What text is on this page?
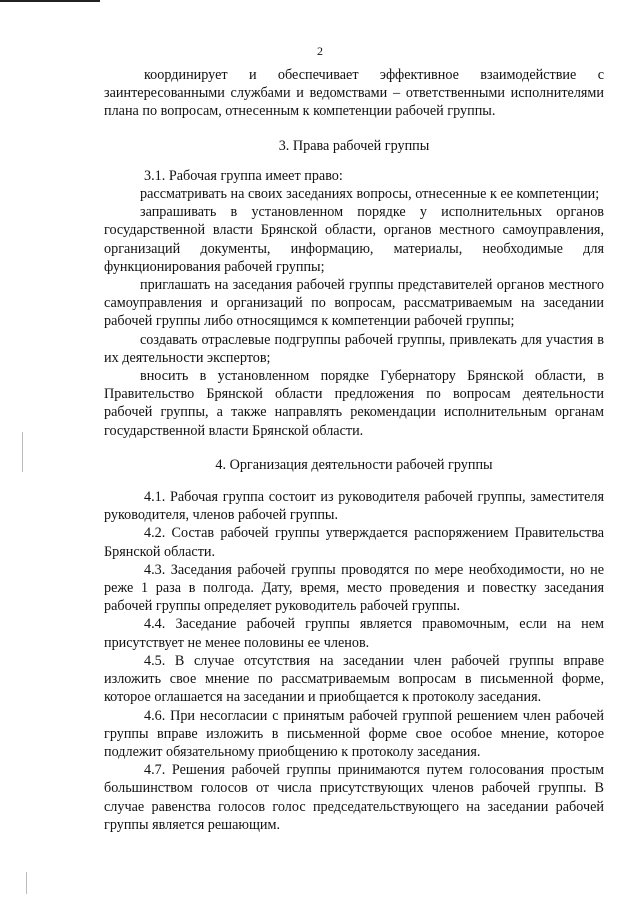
2

координирует и обеспечивает эффективное взаимодействие с заинтересованными службами и ведомствами – ответственными исполнителями плана по вопросам, отнесенным к компетенции рабочей группы.

3. Права рабочей группы

3.1. Рабочая группа имеет право:

рассматривать на своих заседаниях вопросы, отнесенные к ее компетенции;

запрашивать в установленном порядке у исполнительных органов государственной власти Брянской области, органов местного самоуправления, организаций документы, информацию, материалы, необходимые для функционирования рабочей группы;

приглашать на заседания рабочей группы представителей органов местного самоуправления и организаций по вопросам, рассматриваемым на заседании рабочей группы либо относящимся к компетенции рабочей группы;

создавать отраслевые подгруппы рабочей группы, привлекать для участия в их деятельности экспертов;

вносить в установленном порядке Губернатору Брянской области, в Правительство Брянской области предложения по вопросам деятельности рабочей группы, а также направлять рекомендации исполнительным органам государственной власти Брянской области.

4. Организация деятельности рабочей группы

4.1. Рабочая группа состоит из руководителя рабочей группы, заместителя руководителя, членов рабочей группы.

4.2. Состав рабочей группы утверждается распоряжением Правительства Брянской области.

4.3. Заседания рабочей группы проводятся по мере необходимости, но не реже 1 раза в полгода. Дату, время, место проведения и повестку заседания рабочей группы определяет руководитель рабочей группы.

4.4. Заседание рабочей группы является правомочным, если на нем присутствует не менее половины ее членов.

4.5. В случае отсутствия на заседании член рабочей группы вправе изложить свое мнение по рассматриваемым вопросам в письменной форме, которое оглашается на заседании и приобщается к протоколу заседания.

4.6. При несогласии с принятым рабочей группой решением член рабочей группы вправе изложить в письменной форме свое особое мнение, которое подлежит обязательному приобщению к протоколу заседания.

4.7. Решения рабочей группы принимаются путем голосования простым большинством голосов от числа присутствующих членов рабочей группы. В случае равенства голосов голос председательствующего на заседании рабочей группы является решающим.
